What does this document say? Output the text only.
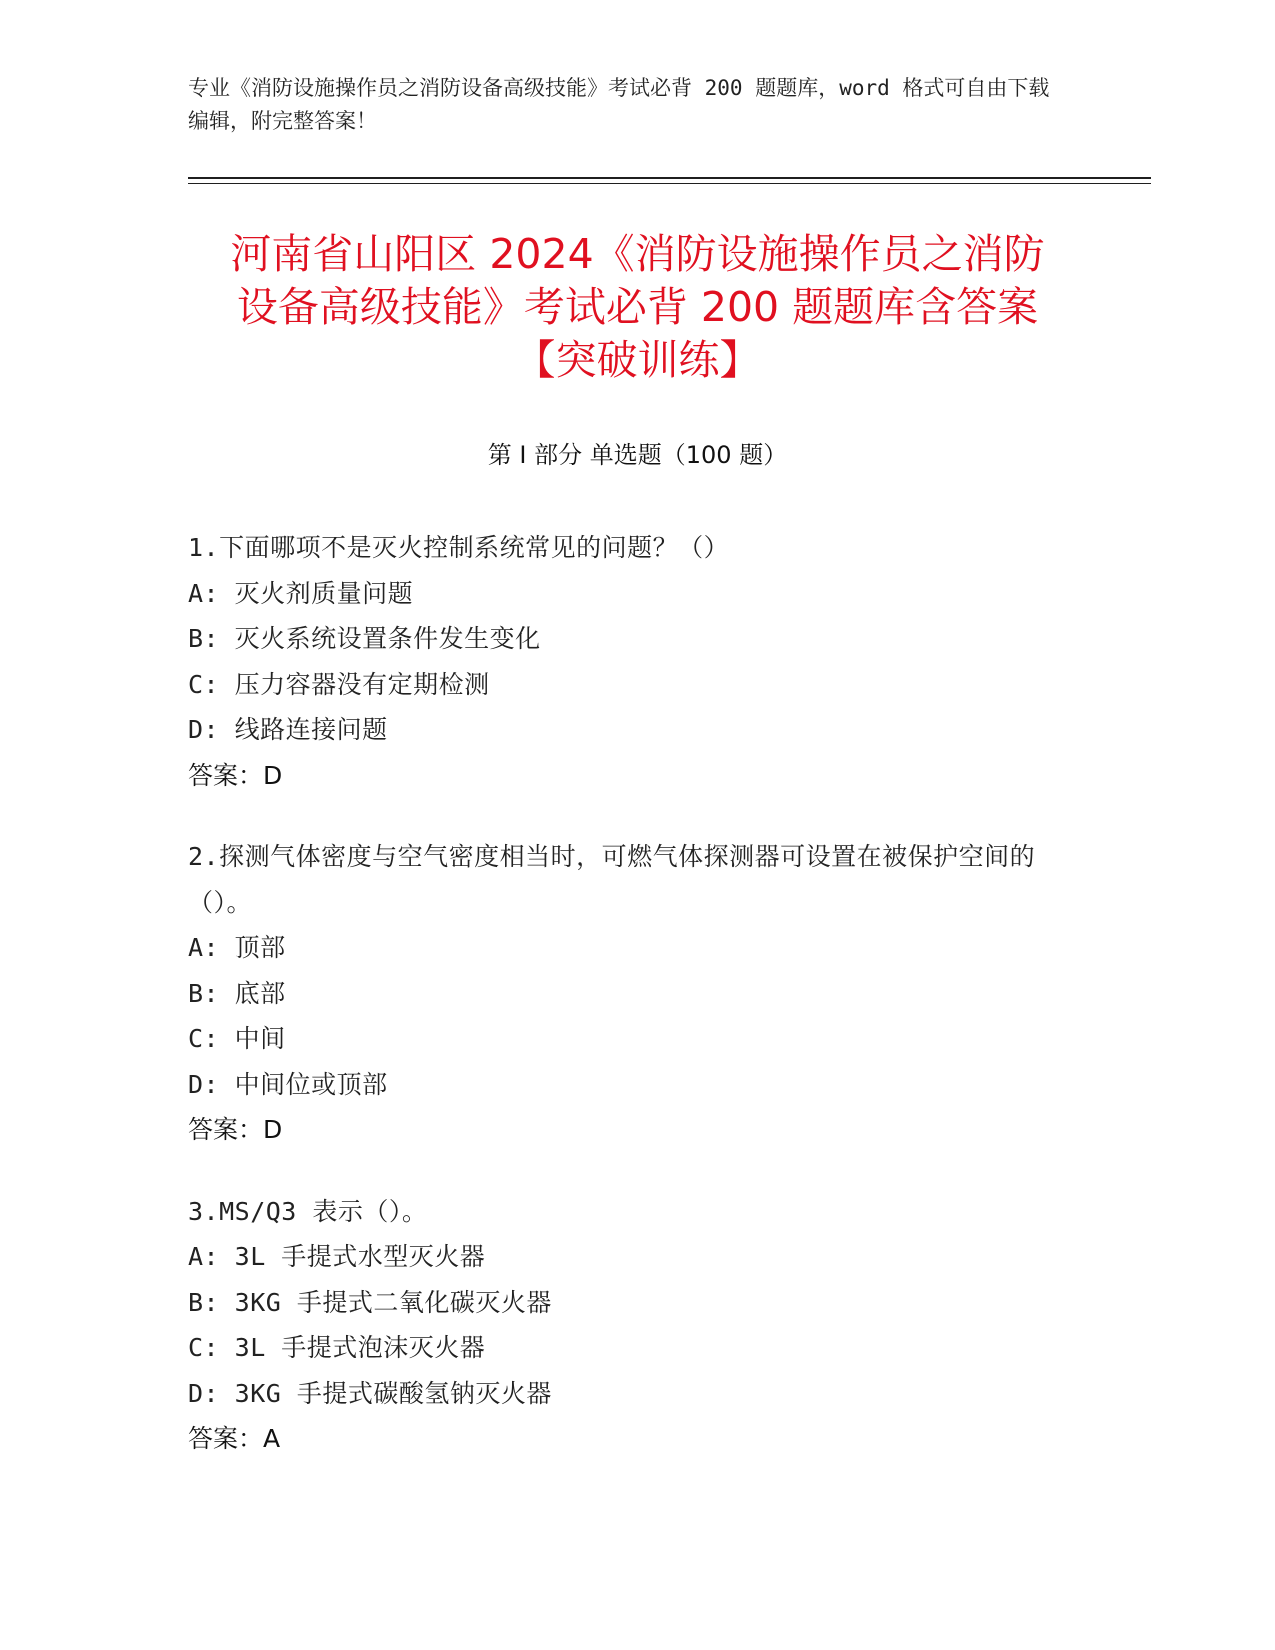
专业《消防设施操作员之消防设备高级技能》考试必背 200 题题库，word 格式可自由下载编辑，附完整答案！
河南省山阳区 2024《消防设施操作员之消防
设备高级技能》考试必背 200 题题库含答案
【突破训练】
第 I 部分 单选题（100 题）
1.下面哪项不是灭火控制系统常见的问题？（）
A: 灭火剂质量问题
B: 灭火系统设置条件发生变化
C: 压力容器没有定期检测
D: 线路连接问题
答案：D
2.探测气体密度与空气密度相当时，可燃气体探测器可设置在被保护空间的（）。
A: 顶部
B: 底部
C: 中间
D: 中间位或顶部
答案：D
3.MS/Q3 表示（）。
A: 3L 手提式水型灭火器
B: 3KG 手提式二氧化碳灭火器
C: 3L 手提式泡沫灭火器
D: 3KG 手提式碳酸氢钠灭火器
答案：A
